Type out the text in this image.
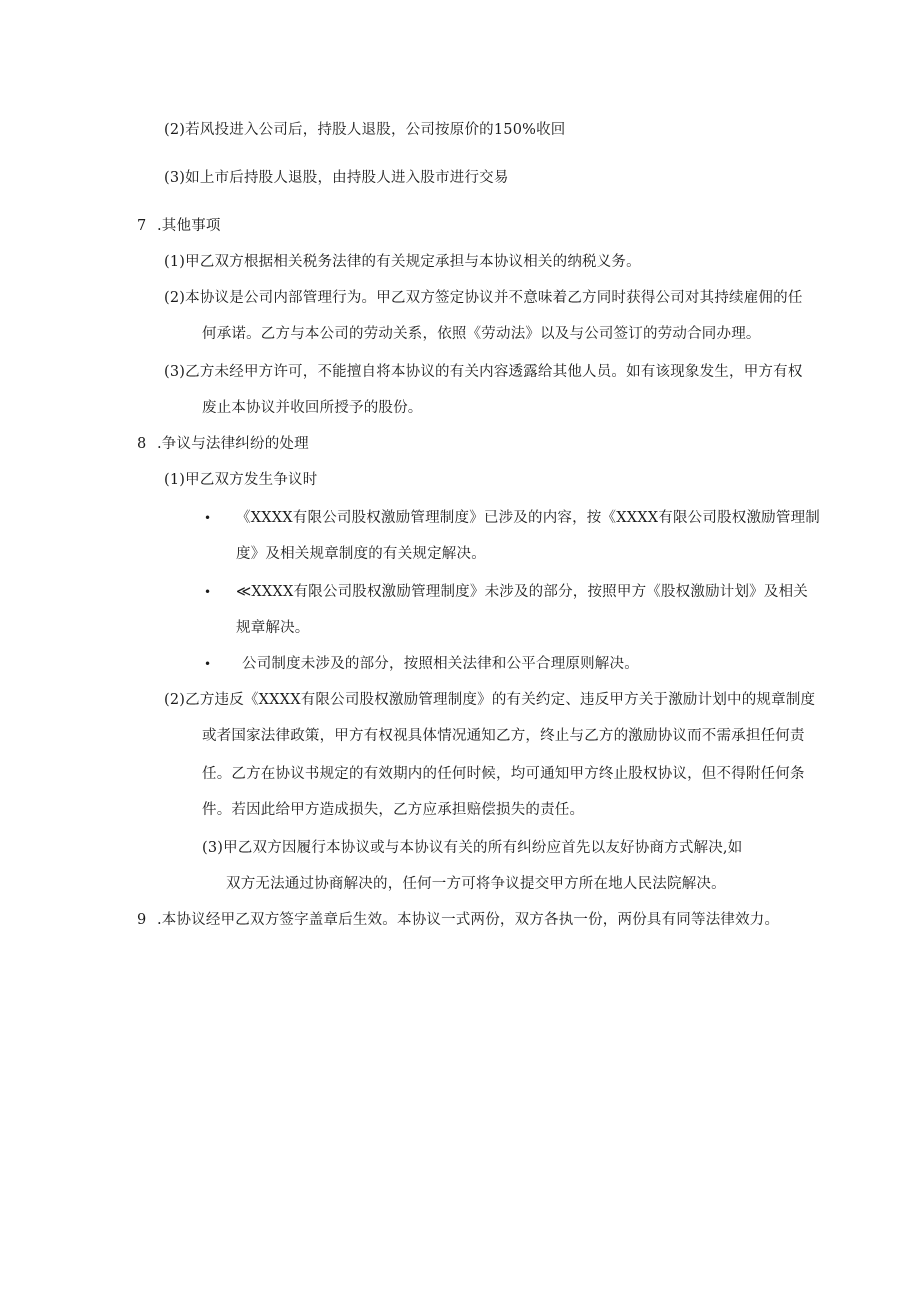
(2)若风投进入公司后，持股人退股，公司按原价的150%收回
(3)如上市后持股人退股，由持股人进入股市进行交易
7 .其他事项
(1)甲乙双方根据相关税务法律的有关规定承担与本协议相关的纳税义务。
(2)本协议是公司内部管理行为。甲乙双方签定协议并不意味着乙方同时获得公司对其持续雇佣的任
何承诺。乙方与本公司的劳动关系，依照《劳动法》以及与公司签订的劳动合同办理。
(3)乙方未经甲方许可，不能擅自将本协议的有关内容透露给其他人员。如有该现象发生，甲方有权
废止本协议并收回所授予的股份。
8 .争议与法律纠纷的处理
(1)甲乙双方发生争议时
• 《XXXX有限公司股权激励管理制度》已涉及的内容，按《XXXX有限公司股权激励管理制
度》及相关规章制度的有关规定解决。
• ≪XXXX有限公司股权激励管理制度》未涉及的部分，按照甲方《股权激励计划》及相关
规章解决。
• 公司制度未涉及的部分，按照相关法律和公平合理原则解决。
(2)乙方违反《XXXX有限公司股权激励管理制度》的有关约定、违反甲方关于激励计划中的规章制度
或者国家法律政策，甲方有权视具体情况通知乙方，终止与乙方的激励协议而不需承担任何责
任。乙方在协议书规定的有效期内的任何时候，均可通知甲方终止股权协议，但不得附任何条
件。若因此给甲方造成损失，乙方应承担赔偿损失的责任。
(3)甲乙双方因履行本协议或与本协议有关的所有纠纷应首先以友好协商方式解决,如
双方无法通过协商解决的，任何一方可将争议提交甲方所在地人民法院解决。
9 .本协议经甲乙双方签字盖章后生效。本协议一式两份，双方各执一份，两份具有同等法律效力。
